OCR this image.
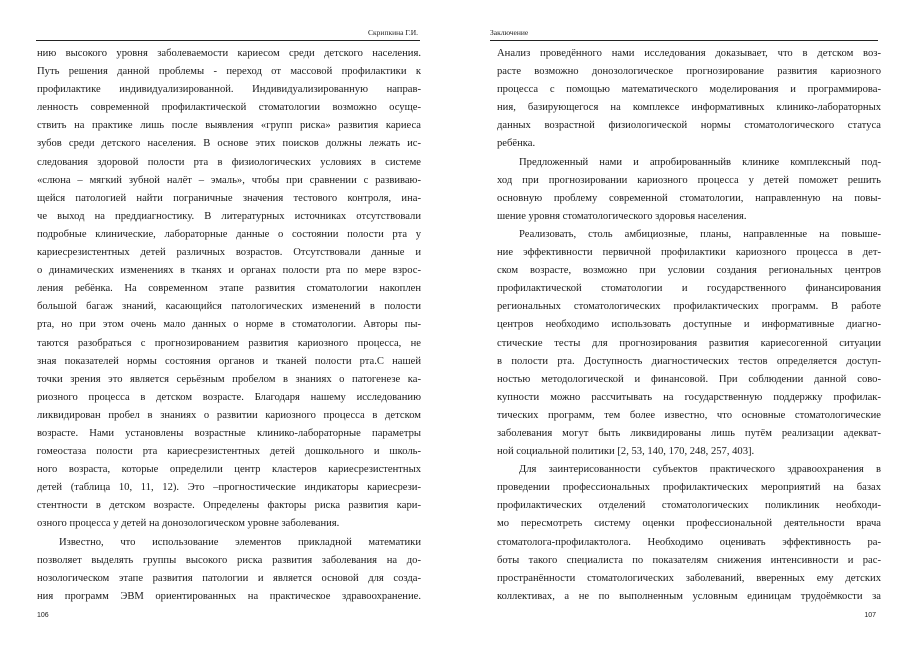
Скрипкина Г.И.
нию высокого уровня заболеваемости кариесом среди детского населения.
Путь решения данной проблемы - переход от массовой профилактики к
профилактике индивидуализированной. Индивидуализированную направ-
ленность современной профилактической стоматологии возможно осуще-
ствить на практике лишь после выявления «групп риска» развития кариеса
зубов среди детского населения. В основе этих поисков должны лежать ис-
следования здоровой полости рта в физиологических условиях в системе
«слюна – мягкий зубной налёт – эмаль», чтобы при сравнении с развиваю-
щейся патологией найти пограничные значения тестового контроля, ина-
че выход на преддиагностику. В литературных источниках отсутствовали
подробные клинические, лабораторные данные о состоянии полости рта у
кариесрезистентных детей различных возрастов. Отсутствовали данные и
о динамических изменениях в тканях и органах полости рта по мере взрос-
ления ребёнка. На современном этапе развития стоматологии накоплен
большой багаж знаний, касающийся патологических изменений в полости
рта, но при этом очень мало данных о норме в стоматологии. Авторы пы-
таются разобраться с прогнозированием развития кариозного процесса, не
зная показателей нормы состояния органов и тканей полости рта.С нашей
точки зрения это является серьёзным пробелом в знаниях о патогенезе ка-
риозного процесса в детском возрасте. Благодаря нашему исследованию
ликвидирован пробел в знаниях о развитии кариозного процесса в детском
возрасте. Нами установлены возрастные клинико-лабораторные параметры
гомеостаза полости рта кариесрезистентных детей дошкольного и школь-
ного возраста, которые определили центр кластеров кариесрезистентных
детей (таблица 10, 11, 12). Это –прогностические индикаторы кариесрези-
стентности в детском возрасте. Определены факторы риска развития кари-
озного процесса у детей на донозологическом уровне заболевания.
Известно, что использование элементов прикладной математики
позволяет выделять группы высокого риска развития заболевания на до-
нозологическом этапе развития патологии и является основой для созда-
ния программ ЭВМ ориентированных на практическое здравоохранение.
106
Заключение
Анализ проведённого нами исследования доказывает, что в детском воз-
расте возможно донозологическое прогнозирование развития кариозного
процесса с помощью математического моделирования и программирова-
ния, базирующегося на комплексе информативных клинико-лабораторных
данных возрастной физиологической нормы стоматологического статуса
ребёнка.
Предложенный нами и апробированныйв клинике комплексный под-
ход при прогнозировании кариозного процесса у детей поможет решить
основную проблему современной стоматологии, направленную на повы-
шение уровня стоматологического здоровья населения.
Реализовать, столь амбициозные, планы, направленные на повыше-
ние эффективности первичной профилактики кариозного процесса в дет-
ском возрасте, возможно при условии создания региональных центров
профилактической стоматологии и государственного финансирования
региональных стоматологических профилактических программ. В работе
центров необходимо использовать доступные и информативные диагно-
стические тесты для прогнозирования развития кариесогенной ситуации
в полости рта. Доступность диагностических тестов определяется доступ-
ностью методологической и финансовой. При соблюдении данной сово-
купности можно рассчитывать на государственную поддержку профилак-
тических программ, тем более известно, что основные стоматологические
заболевания могут быть ликвидированы лишь путём реализации адекват-
ной социальной политики [2, 53, 140, 170, 248, 257, 403].
Для заинтерисованности субъектов практического здравоохранения в
проведении профессиональных профилактических мероприятий на базах
профилактических отделений стоматологических поликлиник необходи-
мо пересмотреть систему оценки профессиональной деятельности врача
стоматолога-профилактолога. Необходимо оценивать эффективность ра-
боты такого специалиста по показателям снижения интенсивности и рас-
пространённости стоматологических заболеваний, вверенных ему детских
коллективах, а не по выполненным условным единицам трудоёмкости за
107
